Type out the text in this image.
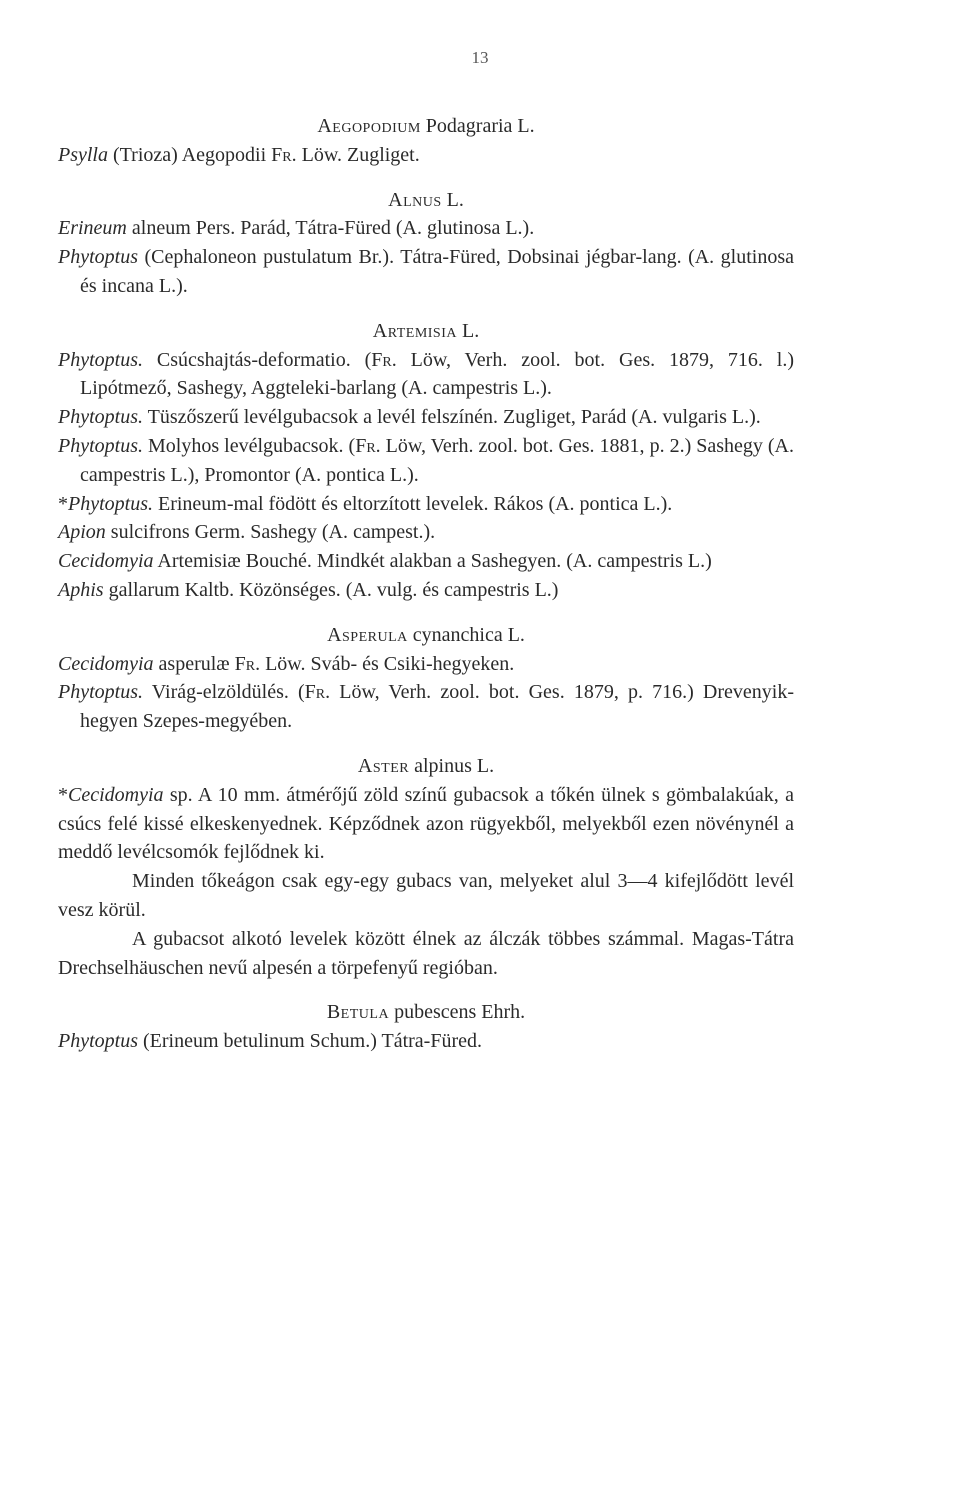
13

Aegopodium Podagraria L.

Psylla (Trioza) Aegopodii Fr. Löw. Zugliget.

Alnus L.

Erineum alneum Pers. Parád, Tátra-Füred (A. glutinosa L.).

Phytoptus (Cephaloneon pustulatum Br.). Tátra-Füred, Dobsinai jégbar-lang. (A. glutinosa és incana L.).

Artemisia L.

Phytoptus. Csúcshajtás-deformatio. (Fr. Löw, Verh. zool. bot. Ges. 1879, 716. l.) Lipótmező, Sashegy, Aggteleki-barlang (A. campestris L.).

Phytoptus. Tüszőszerű levélgubacsok a levél felszínén. Zugliget, Parád (A. vulgaris L.).

Phytoptus. Molyhos levélgubacsok. (Fr. Löw, Verh. zool. bot. Ges. 1881, p. 2.) Sashegy (A. campestris L.), Promontor (A. pontica L.).

*Phytoptus. Erineum-mal födött és eltorzított levelek. Rákos (A. pontica L.).

Apion sulcifrons Germ. Sashegy (A. campest.).

Cecidomyia Artemisiæ Bouché. Mindkét alakban a Sashegyen. (A. campestris L.)

Aphis gallarum Kaltb. Közönséges. (A. vulg. és campestris L.)

Asperula cynanchica L.

Cecidomyia asperulæ Fr. Löw. Sváb- és Csiki-hegyeken.

Phytoptus. Virág-elzöldülés. (Fr. Löw, Verh. zool. bot. Ges. 1879, p. 716.) Drevenyik-hegyen Szepes-megyében.

Aster alpinus L.

*Cecidomyia sp. A 10 mm. átmérőjű zöld színű gubacsok a tőkén ülnek s gömbalakúak, a csúcs felé kissé elkeskenyednek. Képződnek azon rügyekből, melyekből ezen növénynél a meddő levélcsomók fejlődnek ki.

Minden tőkeágon csak egy-egy gubacs van, melyeket alul 3—4 kifejlődött levél vesz körül.

A gubacsot alkotó levelek között élnek az álczák többes számmal. Magas-Tátra Drechselhäuschen nevű alpesén a törpefenyű regióban.

Betula pubescens Ehrh.

Phytoptus (Erineum betulinum Schum.) Tátra-Füred.
